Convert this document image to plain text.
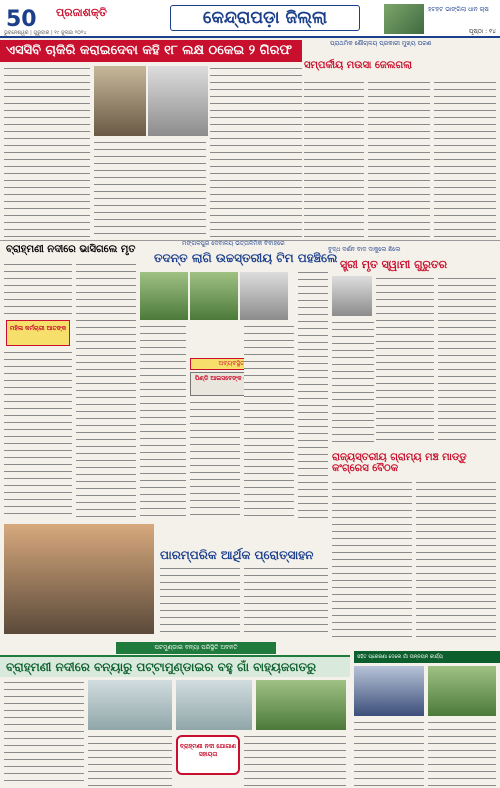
50 ପ୍ରଜାଶକ୍ତି
ଭୁବନେଶ୍ୱର | ଗୁରୁବାର | ୧୯ ଜୁଲାଇ ୨୦୨୪
କେନ୍ଦ୍ରାପଡ଼ା ଜିଲ୍ଲା	ହଟହଟ ଭାଙ୍ଗିଲା ଧାନ ଚାଷ
ପୃଷ୍ଠା : ୧୪
ଏସସିବି ଚାକିରି କରାଇଦେବା କହି ୧୮ ଲକ୍ଷ ଠକେଇ ୨ ଗିରଫ	ପ୍ରାଥମିକ ଶୌଚାଳୟ ପ୍ରକାରୀ ମୁଖ୍ୟ ଘରଣ
ସମ୍ପର୍କୀୟ ମଉସା ଜେଲଗଲା
ବ୍ରାହ୍ମଣୀ ନଦୀରେ ଭାସିଗଲେ ମୃତ
ମଙ୍ଗଳପୁର ଦେବାଳୟ ଭତ୍ତାଳିମିକ ବିବାହରେ
ତଦନ୍ତ ଲାଗି ଉଚ୍ଚସ୍ତରୀୟ ଟିମ ପହଞ୍ଚିଲେ
ବୁଦ୍ଧ ଦର୍ଶନ ବାଦ ଦାକୁଲେ ଛିଲେ
ସ୍ତ୍ରୀ ମୃତ ସ୍ୱାମୀ ଗୁରୁତର
ମହିଳା କର୍ମଚାରୀ ଆତଙ୍କ
ଅବ୍ୟବସ୍ଥିତ ଆବାସ
ପିଣ୍ଡି ଆଇସବେଙ୍କ ଦେବାଳୟ ପାଦରେ
ରାଜ୍ୟସ୍ତରୀୟ ଗ୍ରାମ୍ୟ ମଞ୍ଚ ମାଡ୍ଡୁ କଂଗ୍ରେସ ବୈଠକ
ପାରମ୍ପରିକ ଆର୍ଥିକ ପ୍ରୋତ୍ସାହନ
ପଟମୁଣ୍ଡାଇ ବନ୍ୟା ପରିସ୍ଥିତି ଅବନତି
ବ୍ରାହ୍ମଣୀ ନଦୀରେ ବନ୍ୟାରୁ ପଟ୍ଟାମୁଣ୍ଡାଇର ବହୁ ଗାଁ ବାହ୍ୟଜଗତରୁ ବିଚ୍ଛିନ୍ନ
ସହିତ ପ୍ରେରଣା ଦେଲେ ଗାଁ ଉନ୍ନୟନ କାର୍ଯ୍ୟ
ବ୍ରାହ୍ମଣୀ ନଦୀ ଯୋଗାଣ ସହାୟତା
